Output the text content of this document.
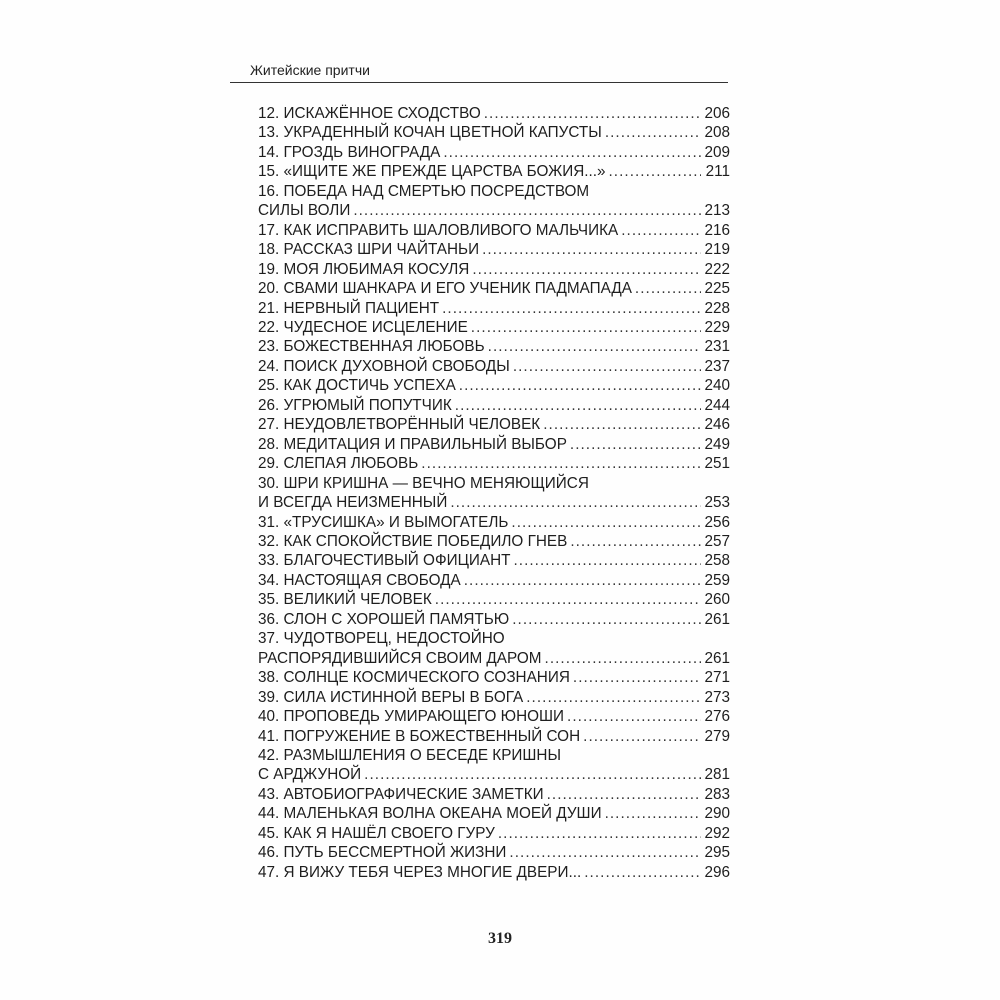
Житейские притчи
12. ИСКАЖЁННОЕ СХОДСТВО . . .	206
13. УКРАДЕННЫЙ КОЧАН ЦВЕТНОЙ КАПУСТЫ . . .	208
14. ГРОЗДЬ ВИНОГРАДА . . .	209
15. «ИЩИТЕ ЖЕ ПРЕЖДЕ ЦАРСТВА БОЖИЯ...» . . .	211
16. ПОБЕДА НАД СМЕРТЬЮ ПОСРЕДСТВОМ
СИЛЫ ВОЛИ . . .	213
17. КАК ИСПРАВИТЬ ШАЛОВЛИВОГО МАЛЬЧИКА . . .	216
18. РАССКАЗ ШРИ ЧАЙТАНЬИ . . .	219
19. МОЯ ЛЮБИМАЯ КОСУЛЯ . . .	222
20. СВАМИ ШАНКАРА И ЕГО УЧЕНИК ПАДМАПАДА . . .	225
21. НЕРВНЫЙ ПАЦИЕНТ . . .	228
22. ЧУДЕСНОЕ ИСЦЕЛЕНИЕ . . .	229
23. БОЖЕСТВЕННАЯ ЛЮБОВЬ . . .	231
24. ПОИСК ДУХОВНОЙ СВОБОДЫ . . .	237
25. КАК ДОСТИЧЬ УСПЕХА . . .	240
26. УГРЮМЫЙ ПОПУТЧИК . . .	244
27. НЕУДОВЛЕТВОРЁННЫЙ ЧЕЛОВЕК . . .	246
28. МЕДИТАЦИЯ И ПРАВИЛЬНЫЙ ВЫБОР . . .	249
29. СЛЕПАЯ ЛЮБОВЬ . . .	251
30. ШРИ КРИШНА — ВЕЧНО МЕНЯЮЩИЙСЯ
И ВСЕГДА НЕИЗМЕННЫЙ . . .	253
31. «ТРУСИШКА» И ВЫМОГАТЕЛЬ . . .	256
32. КАК СПОКОЙСТВИЕ ПОБЕДИЛО ГНЕВ . . .	257
33. БЛАГОЧЕСТИВЫЙ ОФИЦИАНТ . . .	258
34. НАСТОЯЩАЯ СВОБОДА . . .	259
35. ВЕЛИКИЙ ЧЕЛОВЕК . . .	260
36. СЛОН С ХОРОШЕЙ ПАМЯТЬЮ . . .	261
37. ЧУДОТВОРЕЦ, НЕДОСТОЙНО
РАСПОРЯДИВШИЙСЯ СВОИМ ДАРОМ . . .	261
38. СОЛНЦЕ КОСМИЧЕСКОГО СОЗНАНИЯ . . .	271
39. СИЛА ИСТИННОЙ ВЕРЫ В БОГА . . .	273
40. ПРОПОВЕДЬ УМИРАЮЩЕГО ЮНОШИ . . .	276
41. ПОГРУЖЕНИЕ В БОЖЕСТВЕННЫЙ СОН . . .	279
42. РАЗМЫШЛЕНИЯ О БЕСЕДЕ КРИШНЫ
С АРДЖУНОЙ . . .	281
43. АВТОБИОГРАФИЧЕСКИЕ ЗАМЕТКИ . . .	283
44. МАЛЕНЬКАЯ ВОЛНА ОКЕАНА МОЕЙ ДУШИ . . .	290
45. КАК Я НАШЁЛ СВОЕГО ГУРУ . . .	292
46. ПУТЬ БЕССМЕРТНОЙ ЖИЗНИ . . .	295
47. Я ВИЖУ ТЕБЯ ЧЕРЕЗ МНОГИЕ ДВЕРИ... . . .	296
319
